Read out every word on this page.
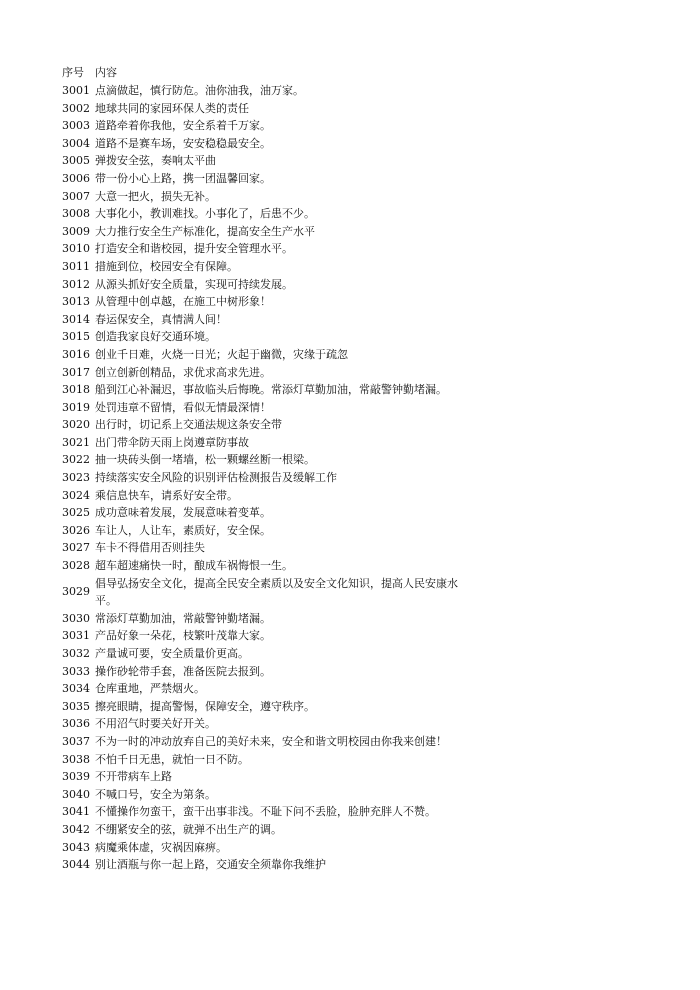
序号	内容
3001	点滴做起，慎行防危。油你油我，油万家。
3002	地球共同的家园环保人类的责任
3003	道路牵着你我他，安全系着千万家。
3004	道路不是赛车场，安安稳稳最安全。
3005	弹拨安全弦，奏响太平曲
3006	带一份小心上路，携一团温馨回家。
3007	大意一把火，损失无补。
3008	大事化小，教训难找。小事化了，后患不少。
3009	大力推行安全生产标准化，提高安全生产水平
3010	打造安全和谐校园，提升安全管理水平。
3011	措施到位，校园安全有保障。
3012	从源头抓好安全质量，实现可持续发展。
3013	从管理中创卓越，在施工中树形象！
3014	春运保安全，真情满人间！
3015	创造我家良好交通环境。
3016	创业千日难，火烧一日光；火起于幽微，灾缘于疏忽
3017	创立创新创精品，求优求高求先进。
3018	船到江心补漏迟，事故临头后悔晚。常添灯草勤加油，常敲警钟勤堵漏。
3019	处罚违章不留情，看似无情最深情！
3020	出行时，切记系上交通法规这条安全带
3021	出门带伞防天雨上岗遵章防事故
3022	抽一块砖头倒一堵墙，松一颗螺丝断一根梁。
3023	持续落实安全风险的识别评估检测报告及缓解工作
3024	乘信息快车，请系好安全带。
3025	成功意味着发展，发展意味着变革。
3026	车让人，人让车，素质好，安全保。
3027	车卡不得借用否则挂失
3028	超车超速痛快一时，酿成车祸悔恨一生。
3029	倡导弘扬安全文化，提高全民安全素质以及安全文化知识，提高人民安康水平。
3030	常添灯草勤加油，常敲警钟勤堵漏。
3031	产品好象一朵花，枝繁叶茂靠大家。
3032	产量诚可要，安全质量价更高。
3033	操作砂轮带手套，准备医院去报到。
3034	仓库重地，严禁烟火。
3035	擦亮眼睛，提高警惕，保障安全，遵守秩序。
3036	不用沼气时要关好开关。
3037	不为一时的冲动放弃自己的美好未来，安全和谐文明校园由你我来创建！
3038	不怕千日无患，就怕一日不防。
3039	不开带病车上路
3040	不喊口号，安全为第条。
3041	不懂操作勿蛮干，蛮干出事非浅。不耻下问不丢脸，脸肿充胖人不赞。
3042	不绷紧安全的弦，就弹不出生产的调。
3043	病魔乘体虚，灾祸因麻痹。
3044	别让酒瓶与你一起上路，交通安全须靠你我维护
